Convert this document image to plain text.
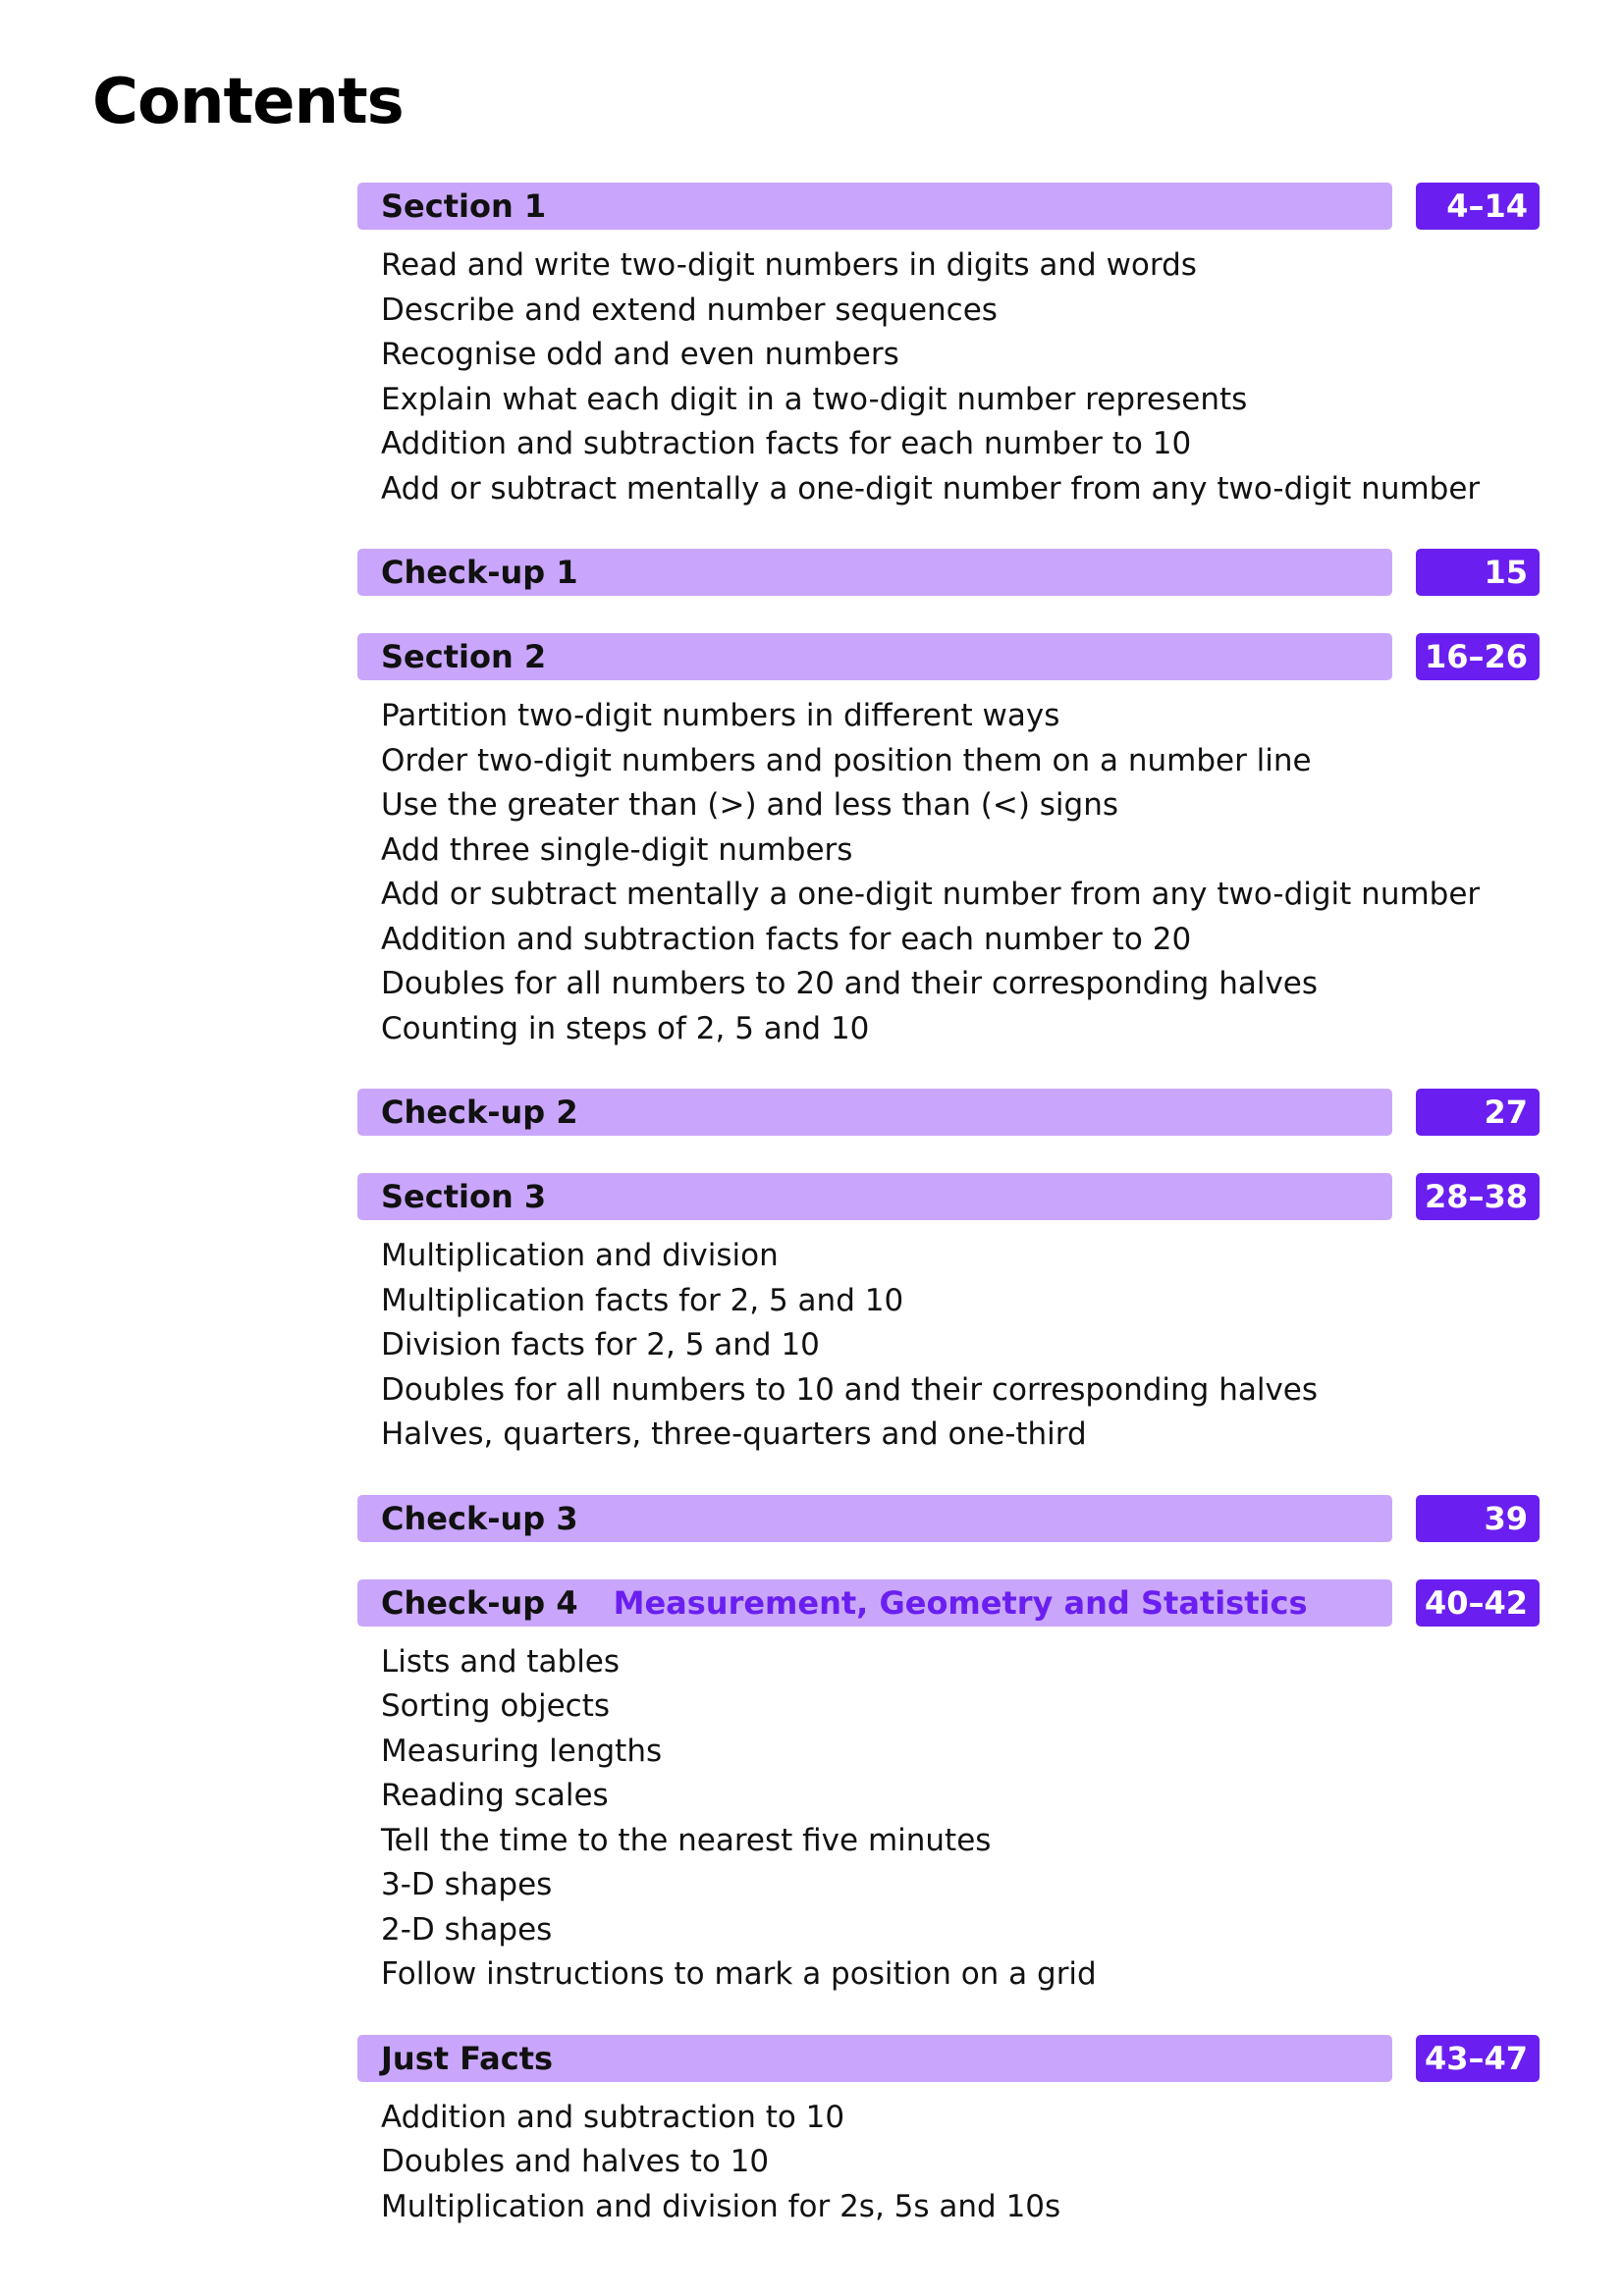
Contents
Section 1	4–14
Read and write two-digit numbers in digits and words
Describe and extend number sequences
Recognise odd and even numbers
Explain what each digit in a two-digit number represents
Addition and subtraction facts for each number to 10
Add or subtract mentally a one-digit number from any two-digit number
Check-up 1	15
Section 2	16–26
Partition two-digit numbers in different ways
Order two-digit numbers and position them on a number line
Use the greater than (>) and less than (<) signs
Add three single-digit numbers
Add or subtract mentally a one-digit number from any two-digit number
Addition and subtraction facts for each number to 20
Doubles for all numbers to 20 and their corresponding halves
Counting in steps of 2, 5 and 10
Check-up 2	27
Section 3	28–38
Multiplication and division
Multiplication facts for 2, 5 and 10
Division facts for 2, 5 and 10
Doubles for all numbers to 10 and their corresponding halves
Halves, quarters, three-quarters and one-third
Check-up 3	39
Check-up 4 Measurement, Geometry and Statistics	40–42
Lists and tables
Sorting objects
Measuring lengths
Reading scales
Tell the time to the nearest five minutes
3-D shapes
2-D shapes
Follow instructions to mark a position on a grid
Just Facts	43–47
Addition and subtraction to 10
Doubles and halves to 10
Multiplication and division for 2s, 5s and 10s
